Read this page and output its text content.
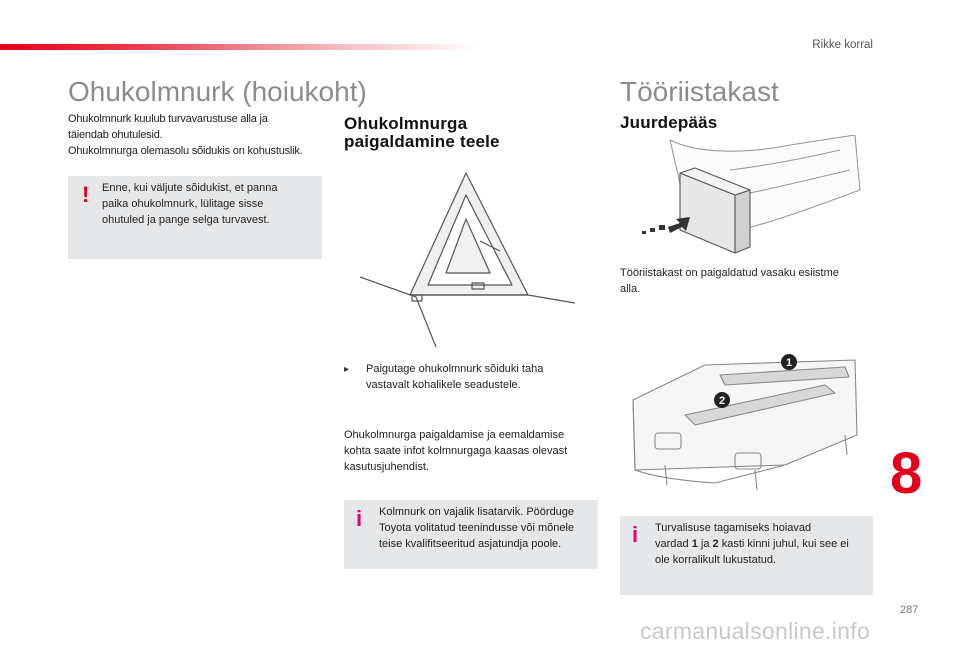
Rikke korral
Ohukolmnurk (hoiukoht)
Ohukolmnurk kuulub turvavarustuse alla ja
täiendab ohutulesid.
Ohukolmnurga olemasolu sõidukis on kohustuslik.
! Enne, kui väljute sõidukist, et panna
paika ohukolmnurk, lülitage sisse
ohutuled ja pange selga turvavest.
Ohukolmnurga
paigaldamine teele
▸ Paigutage ohukolmnurk sõiduki taha
vastavalt kohalikele seadustele.
Ohukolmnurga paigaldamise ja eemaldamise
kohta saate infot kolmnurgaga kaasas olevast
kasutusjuhendist.
i Kolmnurk on vajalik lisatarvik. Pöörduge
Toyota volitatud teenindusse või mõnele
teise kvalifitseeritud asjatundja poole.
Tööriistakast
Juurdepääs
Tööriistakast on paigaldatud vasaku esiistme
alla.
1
2
i Turvalisuse tagamiseks hoiavad
vardad 1 ja 2 kasti kinni juhul, kui see ei
ole korralikult lukustatud.
8
287
carmanualsonline.info
